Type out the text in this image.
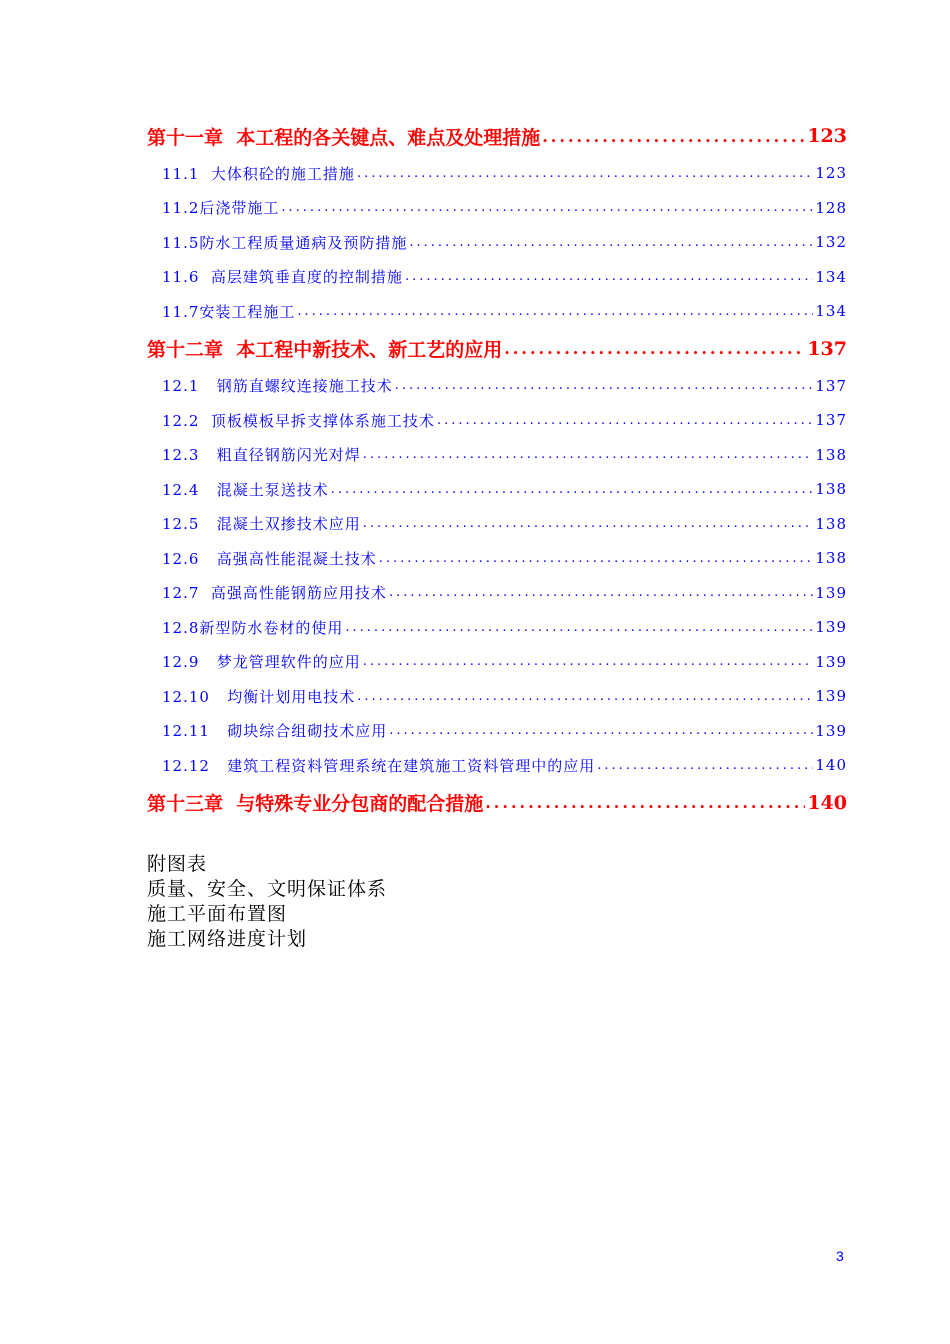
第十一章  本工程的各关键点、难点及处理措施 .....	123
11.1  大体积砼的施工措施 .....	123
11.2后浇带施工 .....	128
11.5防水工程质量通病及预防措施 .....	132
11.6  高层建筑垂直度的控制措施 .....	134
11.7安装工程施工 .....	134
第十二章  本工程中新技术、新工艺的应用 .....	137
12.1   钢筋直螺纹连接施工技术 .....	137
12.2  顶板模板早拆支撑体系施工技术 .....	137
12.3   粗直径钢筋闪光对焊 .....	138
12.4   混凝土泵送技术 .....	138
12.5   混凝土双掺技术应用 .....	138
12.6   高强高性能混凝土技术 .....	138
12.7  高强高性能钢筋应用技术 .....	139
12.8新型防水卷材的使用 .....	139
12.9   梦龙管理软件的应用 .....	139
12.10   均衡计划用电技术 .....	139
12.11   砌块综合组砌技术应用 .....	139
12.12   建筑工程资料管理系统在建筑施工资料管理中的应用 .....	140
第十三章  与特殊专业分包商的配合措施 .....	140
附图表
质量、安全、文明保证体系
施工平面布置图
施工网络进度计划
3
